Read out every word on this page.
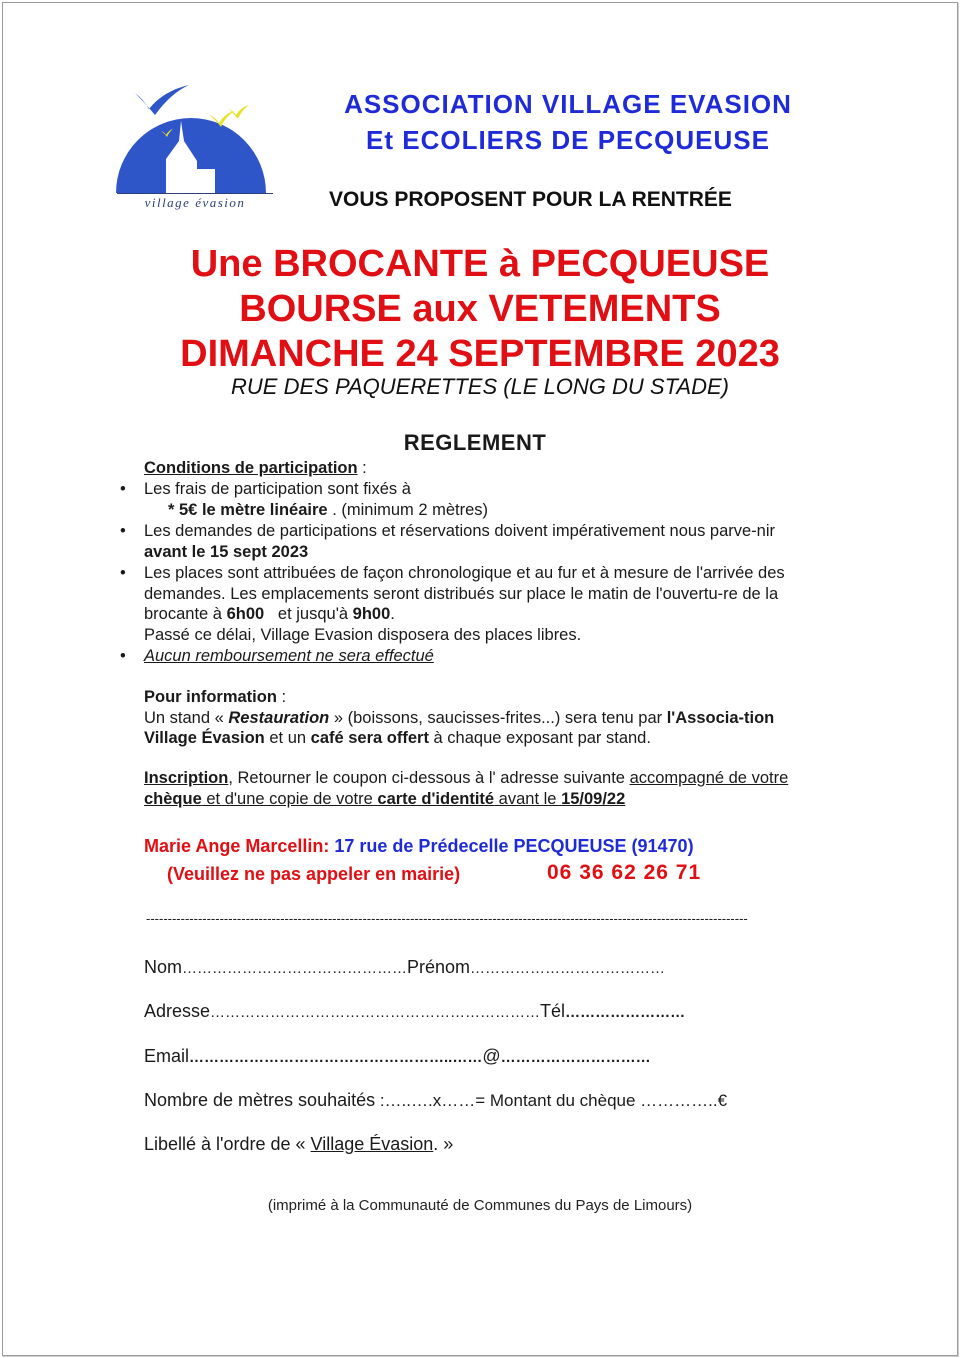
village évasion
ASSOCIATION VILLAGE EVASION
Et ECOLIERS DE PECQUEUSE
VOUS PROPOSENT POUR LA RENTRÉE
Une BROCANTE à PECQUEUSE
BOURSE aux VETEMENTS
DIMANCHE 24 SEPTEMBRE 2023
RUE DES PAQUERETTES (LE LONG DU STADE)
REGLEMENT
Conditions de participation :
• Les frais de participation sont fixés à
* 5€ le mètre linéaire . (minimum 2 mètres)
• Les demandes de participations et réservations doivent impérativement nous parve-nir avant le 15 sept 2023
• Les places sont attribuées de façon chronologique et au fur et à mesure de l'arrivée des demandes. Les emplacements seront distribués sur place le matin de l'ouvertu-re de la brocante à 6h00   et jusqu'à 9h00.
Passé ce délai, Village Evasion disposera des places libres.
• Aucun remboursement ne sera effectué
Pour information :
Un stand « Restauration » (boissons, saucisses-frites...) sera tenu par l'Associa-tion Village Évasion et un café sera offert à chaque exposant par stand.
Inscription, Retourner le coupon ci-dessous à l' adresse suivante accompagné de votre chèque et d'une copie de votre carte d'identité avant le 15/09/22
Marie Ange Marcellin: 17 rue de Prédecelle PECQUEUSE (91470)
(Veuillez ne pas appeler en mairie)	06 36 62 26 71
-------------------------------------------------------------------------------------------------------------------------------------------
Nom………………………………………Prénom…………………………………
Adresse…………………………………………………………Tél……………………
Email……………………………………………..……@…………………………
Nombre de mètres souhaités :…..….x……= Montant du chèque …………..€
Libellé à l'ordre de « Village Évasion. »
(imprimé à la Communauté de Communes du Pays de Limours)
